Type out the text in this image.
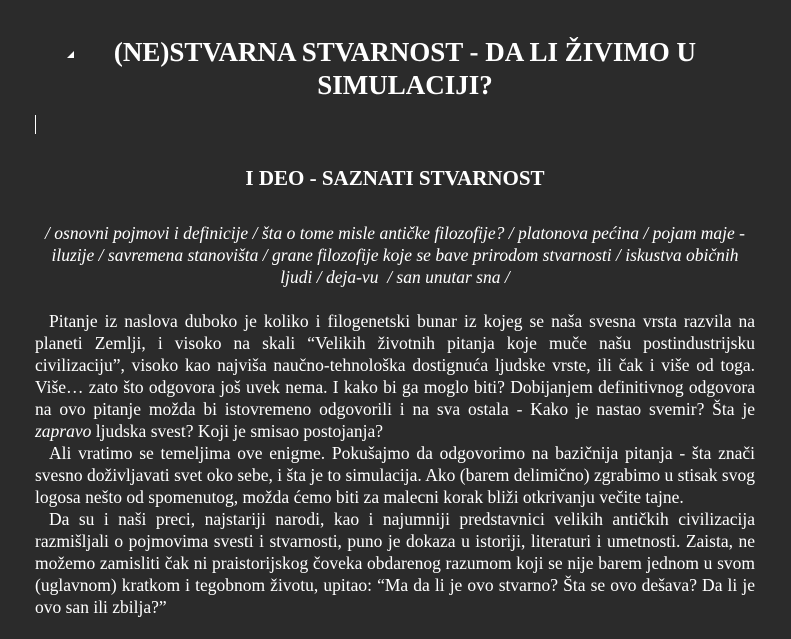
(NE)STVARNA STVARNOST - DA LI ŽIVIMO U
SIMULACIJI?
I DEO - SAZNATI STVARNOST

/ osnovni pojmovi i definicije / šta o tome misle antičke filozofije? / platonova pećina / pojam maje - iluzije / savremena stanovišta / grane filozofije koje se bave prirodom stvarnosti / iskustva običnih ljudi / deja-vu  / san unutar sna /

Pitanje iz naslova duboko je koliko i filogenetski bunar iz kojeg se naša svesna vrsta razvila na planeti Zemlji, i visoko na skali “Velikih životnih pitanja koje muče našu postindustrijsku civilizaciju”, visoko kao najviša naučno-tehnološka dostignuća ljudske vrste, ili čak i više od toga. Više… zato što odgovora još uvek nema. I kako bi ga moglo biti? Dobijanjem definitivnog odgovora na ovo pitanje možda bi istovremeno odgovorili i na sva ostala - Kako je nastao svemir? Šta je zapravo ljudska svest? Koji je smisao postojanja?

Ali vratimo se temeljima ove enigme. Pokušajmo da odgovorimo na bazičnija pitanja - šta znači svesno doživljavati svet oko sebe, i šta je to simulacija. Ako (barem delimično) zgrabimo u stisak svog logosa nešto od spomenutog, možda ćemo biti za malecni korak bliži otkrivanju večite tajne.

Da su i naši preci, najstariji narodi, kao i najumniji predstavnici velikih antičkih civilizacija razmišljali o pojmovima svesti i stvarnosti, puno je dokaza u istoriji, literaturi i umetnosti. Zaista, ne možemo zamisliti čak ni praistorijskog čoveka obdarenog razumom koji se nije barem jednom u svom (uglavnom) kratkom i tegobnom životu, upitao: “Ma da li je ovo stvarno? Šta se ovo dešava? Da li je ovo san ili zbilja?”
